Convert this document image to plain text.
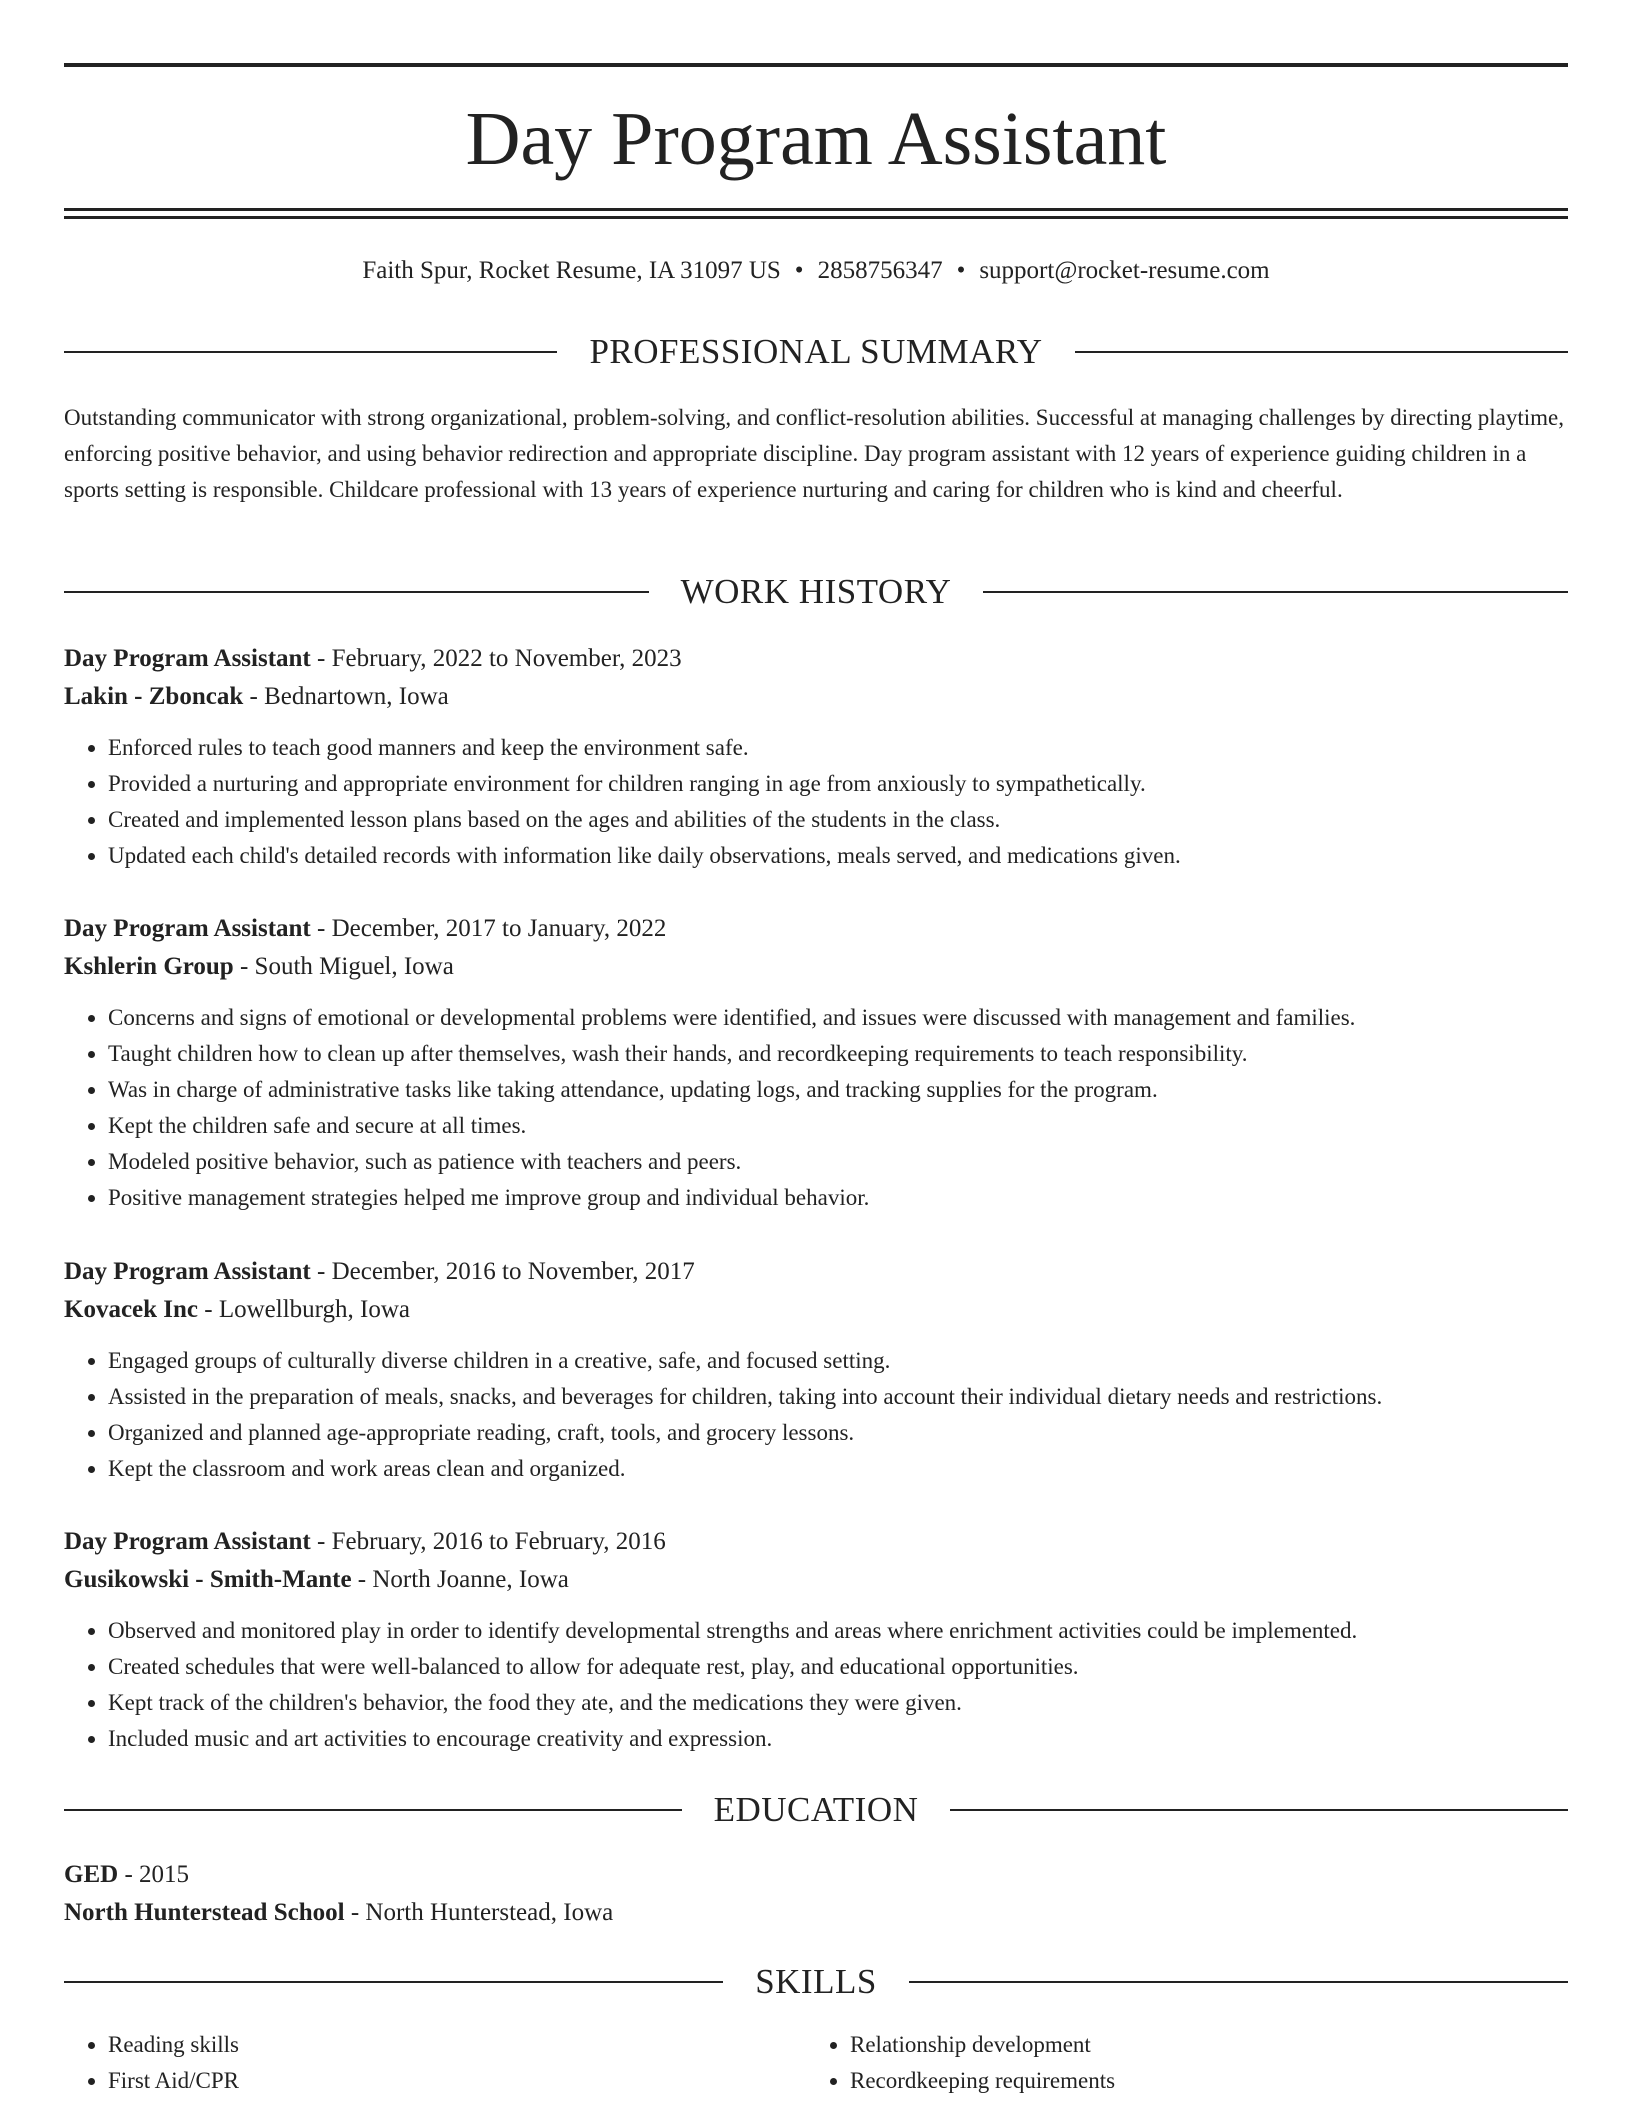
Day Program Assistant
Faith Spur, Rocket Resume, IA 31097 US • 2858756347 • support@rocket-resume.com
PROFESSIONAL SUMMARY

Outstanding communicator with strong organizational, problem-solving, and conflict-resolution abilities. Successful at managing challenges by directing playtime, enforcing positive behavior, and using behavior redirection and appropriate discipline. Day program assistant with 12 years of experience guiding children in a sports setting is responsible. Childcare professional with 13 years of experience nurturing and caring for children who is kind and cheerful.

WORK HISTORY
Day Program Assistant - February, 2022 to November, 2023
Lakin - Zboncak - Bednartown, Iowa
• Enforced rules to teach good manners and keep the environment safe.
• Provided a nurturing and appropriate environment for children ranging in age from anxiously to sympathetically.
• Created and implemented lesson plans based on the ages and abilities of the students in the class.
• Updated each child's detailed records with information like daily observations, meals served, and medications given.
Day Program Assistant - December, 2017 to January, 2022
Kshlerin Group - South Miguel, Iowa
• Concerns and signs of emotional or developmental problems were identified, and issues were discussed with management and families.
• Taught children how to clean up after themselves, wash their hands, and recordkeeping requirements to teach responsibility.
• Was in charge of administrative tasks like taking attendance, updating logs, and tracking supplies for the program.
• Kept the children safe and secure at all times.
• Modeled positive behavior, such as patience with teachers and peers.
• Positive management strategies helped me improve group and individual behavior.
Day Program Assistant - December, 2016 to November, 2017
Kovacek Inc - Lowellburgh, Iowa
• Engaged groups of culturally diverse children in a creative, safe, and focused setting.
• Assisted in the preparation of meals, snacks, and beverages for children, taking into account their individual dietary needs and restrictions.
• Organized and planned age-appropriate reading, craft, tools, and grocery lessons.
• Kept the classroom and work areas clean and organized.
Day Program Assistant - February, 2016 to February, 2016
Gusikowski - Smith-Mante - North Joanne, Iowa
• Observed and monitored play in order to identify developmental strengths and areas where enrichment activities could be implemented.
• Created schedules that were well-balanced to allow for adequate rest, play, and educational opportunities.
• Kept track of the children's behavior, the food they ate, and the medications they were given.
• Included music and art activities to encourage creativity and expression.
EDUCATION
GED - 2015
North Hunterstead School - North Hunterstead, Iowa
SKILLS
• Reading skills
• First Aid/CPR
• Relationship development
• Recordkeeping requirements
